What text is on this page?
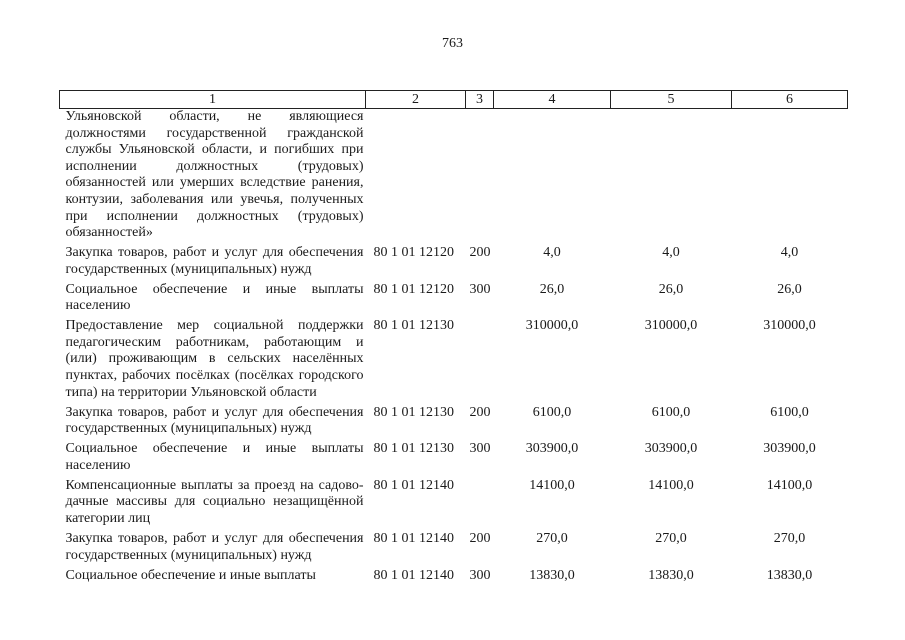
763
1	2	3	4	5	6
Ульяновской области, не являющиеся должностями государственной гражданской службы Ульяновской области, и погибших при исполнении должностных (трудовых) обязанностей или умерших вследствие ранения, контузии, заболевания или увечья, полученных при исполнении должностных (трудовых) обязанностей»					
Закупка товаров, работ и услуг для обеспечения государственных (муниципальных) нужд	80 1 01 12120	200	4,0	4,0	4,0
Социальное обеспечение и иные выплаты населению	80 1 01 12120	300	26,0	26,0	26,0
Предоставление мер социальной поддержки педагогическим работникам, работающим и (или) проживающим в сельских населённых пунктах, рабочих посёлках (посёлках городского типа) на территории Ульяновской области	80 1 01 12130		310000,0	310000,0	310000,0
Закупка товаров, работ и услуг для обеспечения государственных (муниципальных) нужд	80 1 01 12130	200	6100,0	6100,0	6100,0
Социальное обеспечение и иные выплаты населению	80 1 01 12130	300	303900,0	303900,0	303900,0
Компенсационные выплаты за проезд на садово-дачные массивы для социально незащищённой категории лиц	80 1 01 12140		14100,0	14100,0	14100,0
Закупка товаров, работ и услуг для обеспечения государственных (муниципальных) нужд	80 1 01 12140	200	270,0	270,0	270,0
Социальное обеспечение и иные выплаты	80 1 01 12140	300	13830,0	13830,0	13830,0
